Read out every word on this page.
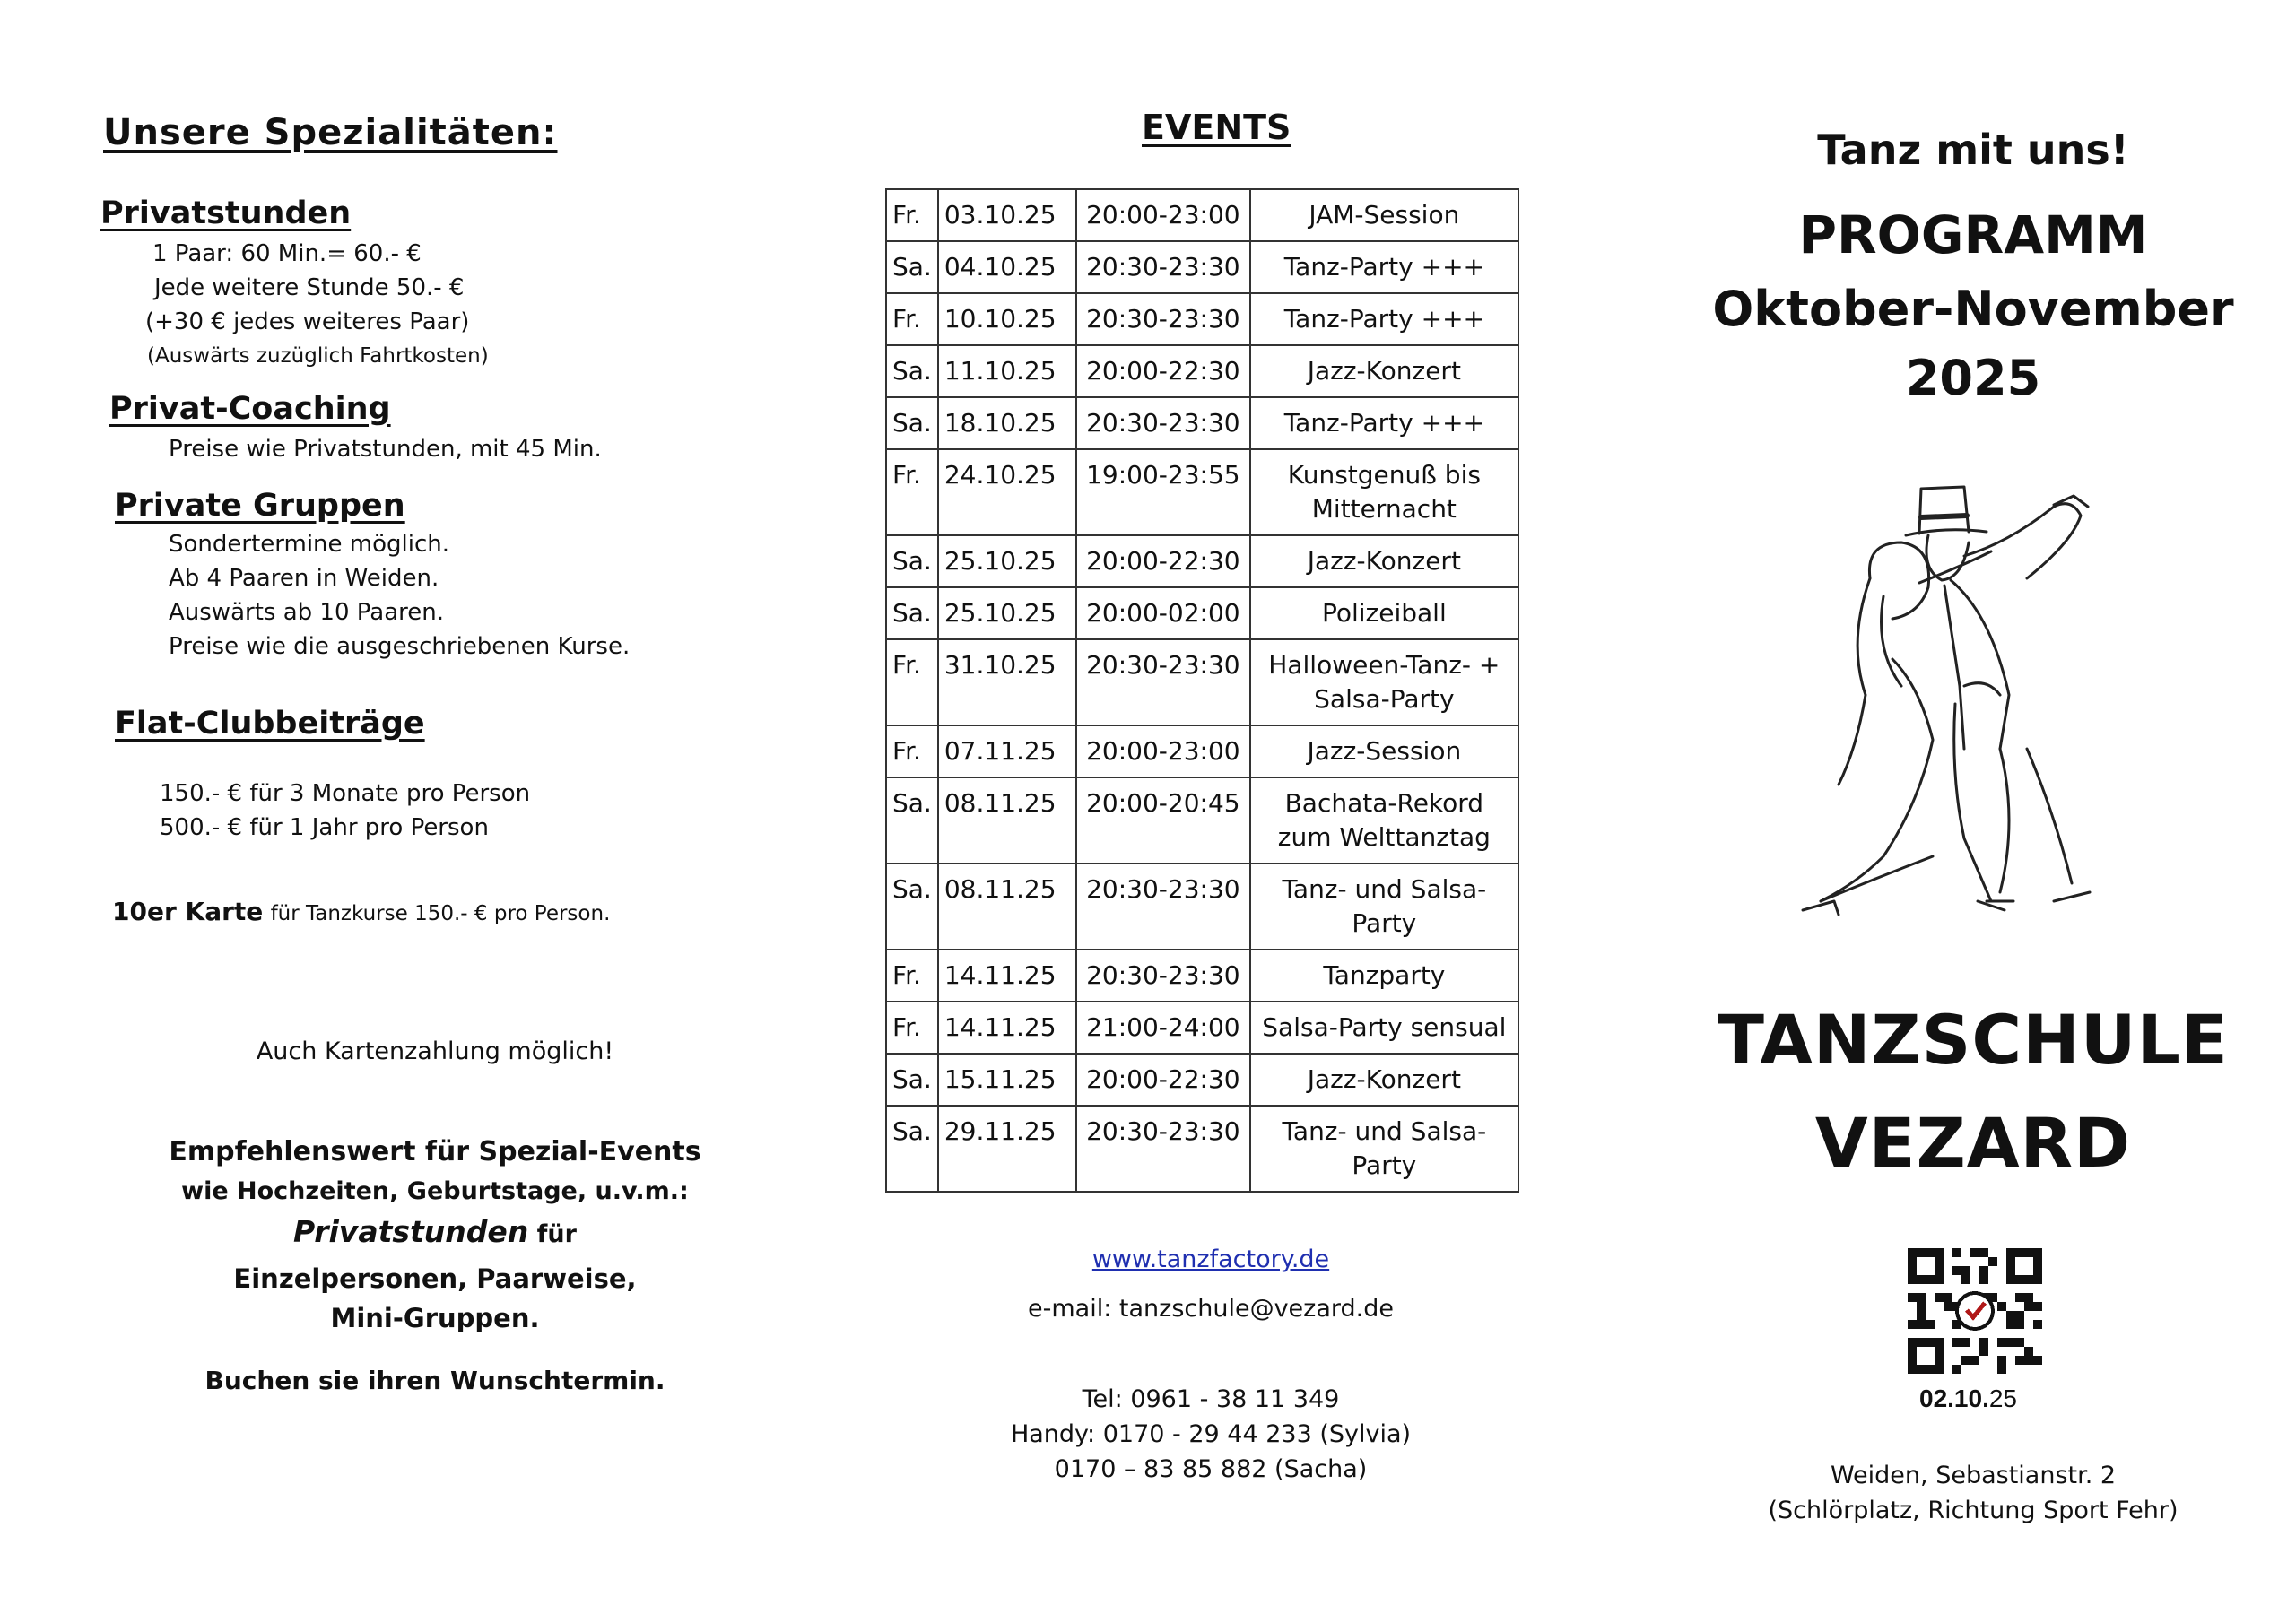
Unsere Spezialitäten:
Privatstunden
1 Paar: 60 Min.= 60.- €
Jede weitere Stunde 50.- €
(+30 € jedes weiteres Paar)
(Auswärts zuzüglich Fahrtkosten)
Privat-Coaching
Preise wie Privatstunden, mit 45 Min.
Private Gruppen
Sondertermine möglich.
Ab 4 Paaren in Weiden.
Auswärts ab 10 Paaren.
Preise wie die ausgeschriebenen Kurse.
Flat-Clubbeiträge
150.- € für 3 Monate pro Person
500.- € für 1 Jahr pro Person
10er Karte für Tanzkurse 150.- € pro Person.
Auch Kartenzahlung möglich!
Empfehlenswert für Spezial-Events
wie Hochzeiten, Geburtstage, u.v.m.:
Privatstunden für
Einzelpersonen, Paarweise,
Mini-Gruppen.
Buchen sie ihren Wunschtermin.
EVENTS
Fr.	03.10.25	20:00-23:00	JAM-Session
Sa.	04.10.25	20:30-23:30	Tanz-Party +++
Fr.	10.10.25	20:30-23:30	Tanz-Party +++
Sa.	11.10.25	20:00-22:30	Jazz-Konzert
Sa.	18.10.25	20:30-23:30	Tanz-Party +++
Fr.	24.10.25	19:00-23:55	Kunstgenuß bis Mitternacht
Sa.	25.10.25	20:00-22:30	Jazz-Konzert
Sa.	25.10.25	20:00-02:00	Polizeiball
Fr.	31.10.25	20:30-23:30	Halloween-Tanz- + Salsa-Party
Fr.	07.11.25	20:00-23:00	Jazz-Session
Sa.	08.11.25	20:00-20:45	Bachata-Rekord zum Welttanztag
Sa.	08.11.25	20:30-23:30	Tanz- und Salsa-Party
Fr.	14.11.25	20:30-23:30	Tanzparty
Fr.	14.11.25	21:00-24:00	Salsa-Party sensual
Sa.	15.11.25	20:00-22:30	Jazz-Konzert
Sa.	29.11.25	20:30-23:30	Tanz- und Salsa-Party
www.tanzfactory.de
e-mail: tanzschule@vezard.de
Tel: 0961 - 38 11 349
Handy: 0170 - 29 44 233 (Sylvia)
0170 – 83 85 882 (Sacha)
Tanz mit uns!
PROGRAMM
Oktober-November
2025
TANZSCHULE
VEZARD
02.10.25
Weiden, Sebastianstr. 2
(Schlörplatz, Richtung Sport Fehr)
